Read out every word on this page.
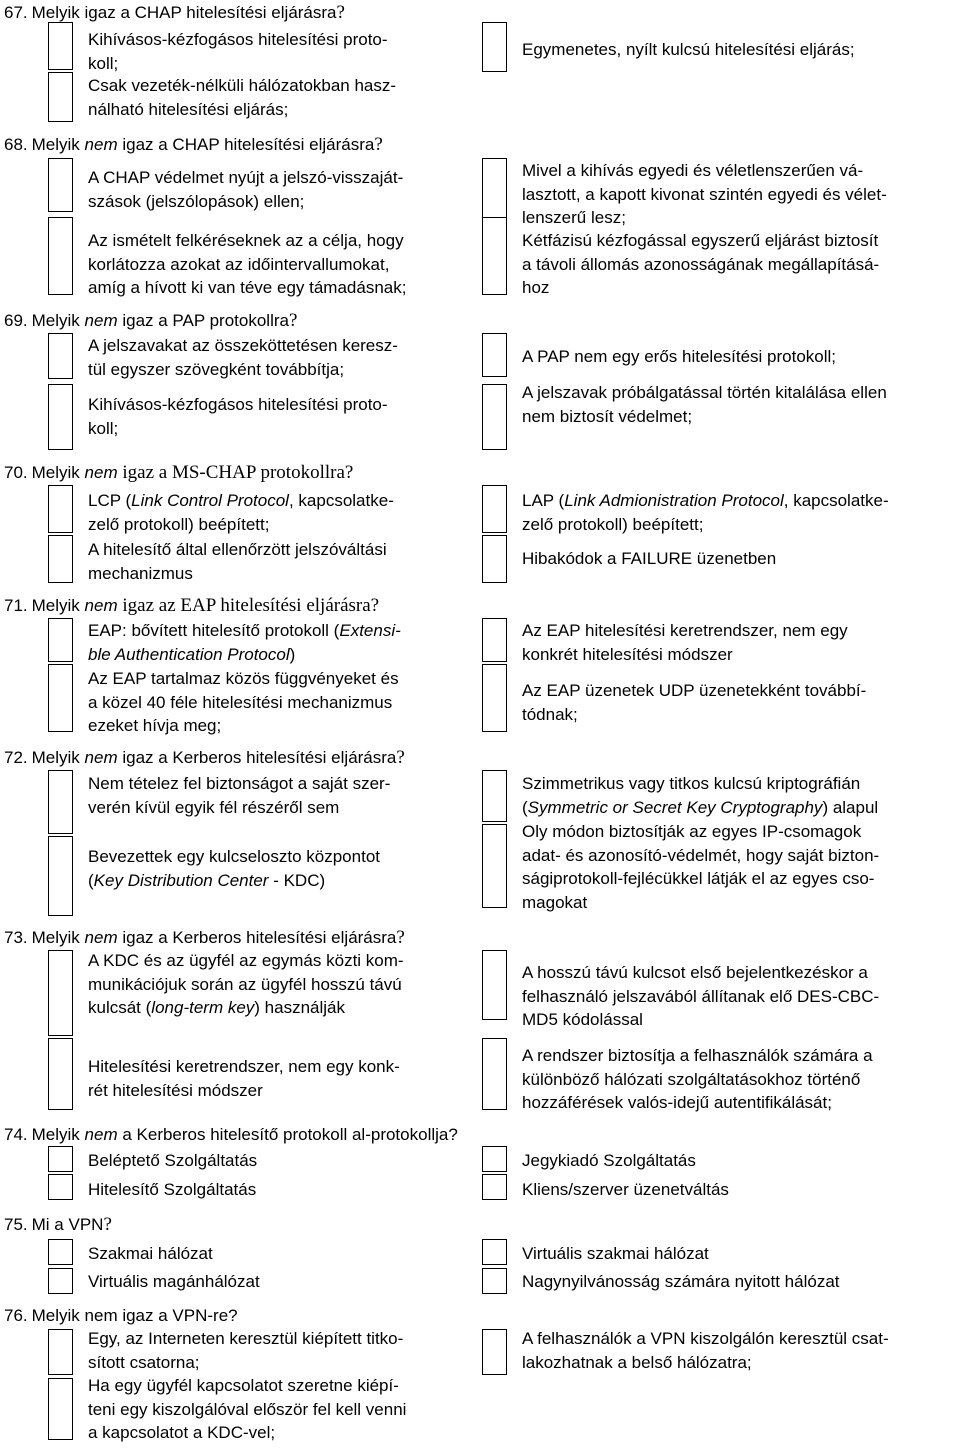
67. Melyik igaz a CHAP hitelesítési eljárásra?
68. Melyik nem igaz a CHAP hitelesítési eljárásra?
69. Melyik nem igaz a PAP protokollra?
70. Melyik nem igaz a MS-CHAP protokollra?
71. Melyik nem igaz az EAP hitelesítési eljárásra?
72. Melyik nem igaz a Kerberos hitelesítési eljárásra?
73. Melyik nem igaz a Kerberos hitelesítési eljárásra?
74. Melyik nem a Kerberos hitelesítő protokoll al-protokollja?
75. Mi a VPN?
76. Melyik nem igaz a VPN-re?
Kihívásos-kézfogásos hitelesítési proto-
koll;
Csak vezeték-nélküli hálózatokban hasz-
nálható hitelesítési eljárás;
Egymenetes, nyílt kulcsú hitelesítési eljárás;
A CHAP védelmet nyújt a jelszó-visszaját-
szások (jelszólopások) ellen;
Az ismételt felkéréseknek az a célja, hogy
korlátozza azokat az időintervallumokat,
amíg a hívott ki van téve egy támadásnak;
Mivel a kihívás egyedi és véletlenszerűen vá-
lasztott, a kapott kivonat szintén egyedi és vélet-
lenszerű lesz;
Kétfázisú kézfogással egyszerű eljárást biztosít
a távoli állomás azonosságának megállapításá-
hoz
A jelszavakat az összeköttetésen keresz-
tül egyszer szövegként továbbítja;
Kihívásos-kézfogásos hitelesítési proto-
koll;
A PAP nem egy erős hitelesítési protokoll;
A jelszavak próbálgatással történ kitalálása ellen
nem biztosít védelmet;
LCP (Link Control Protocol, kapcsolatke-
zelő protokoll) beépített;
A hitelesítő által ellenőrzött jelszóváltási
mechanizmus
LAP (Link Admionistration Protocol, kapcsolatke-
zelő protokoll) beépített;
Hibakódok a FAILURE üzenetben
EAP: bővített hitelesítő protokoll (Extensi-
ble Authentication Protocol)
Az EAP tartalmaz közös függvényeket és
a közel 40 féle hitelesítési mechanizmus
ezeket hívja meg;
Az EAP hitelesítési keretrendszer, nem egy
konkrét hitelesítési módszer
Az EAP üzenetek UDP üzenetekként továbbí-
tódnak;
Nem tételez fel biztonságot a saját szer-
verén kívül egyik fél részéről sem
Bevezettek egy kulcseloszto központot
(Key Distribution Center - KDC)
Szimmetrikus vagy titkos kulcsú kriptográfián
(Symmetric or Secret Key Cryptography) alapul
Oly módon biztosítják az egyes IP-csomagok
adat- és azonosító-védelmét, hogy saját bizton-
ságiprotokoll-fejlécükkel látják el az egyes cso-
magokat
A KDC és az ügyfél az egymás közti kom-
munikációjuk során az ügyfél hosszú távú
kulcsát (long-term key) használják
Hitelesítési keretrendszer, nem egy konk-
rét hitelesítési módszer
A hosszú távú kulcsot első bejelentkezéskor a
felhasználó jelszavából állítanak elő DES-CBC-
MD5 kódolással
A rendszer biztosítja a felhasználók számára a
különböző hálózati szolgáltatásokhoz történő
hozzáférések valós-idejű autentifikálását;
Beléptető Szolgáltatás
Hitelesítő Szolgáltatás
Jegykiadó Szolgáltatás
Kliens/szerver üzenetváltás
Szakmai hálózat
Virtuális magánhálózat
Virtuális szakmai hálózat
Nagynyilvánosság számára nyitott hálózat
Egy, az Interneten keresztül kiépített titko-
sított csatorna;
Ha egy ügyfél kapcsolatot szeretne kiépí-
teni egy kiszolgálóval először fel kell venni
a kapcsolatot a KDC-vel;
A felhasználók a VPN kiszolgálón keresztül csat-
lakozhatnak a belső hálózatra;
